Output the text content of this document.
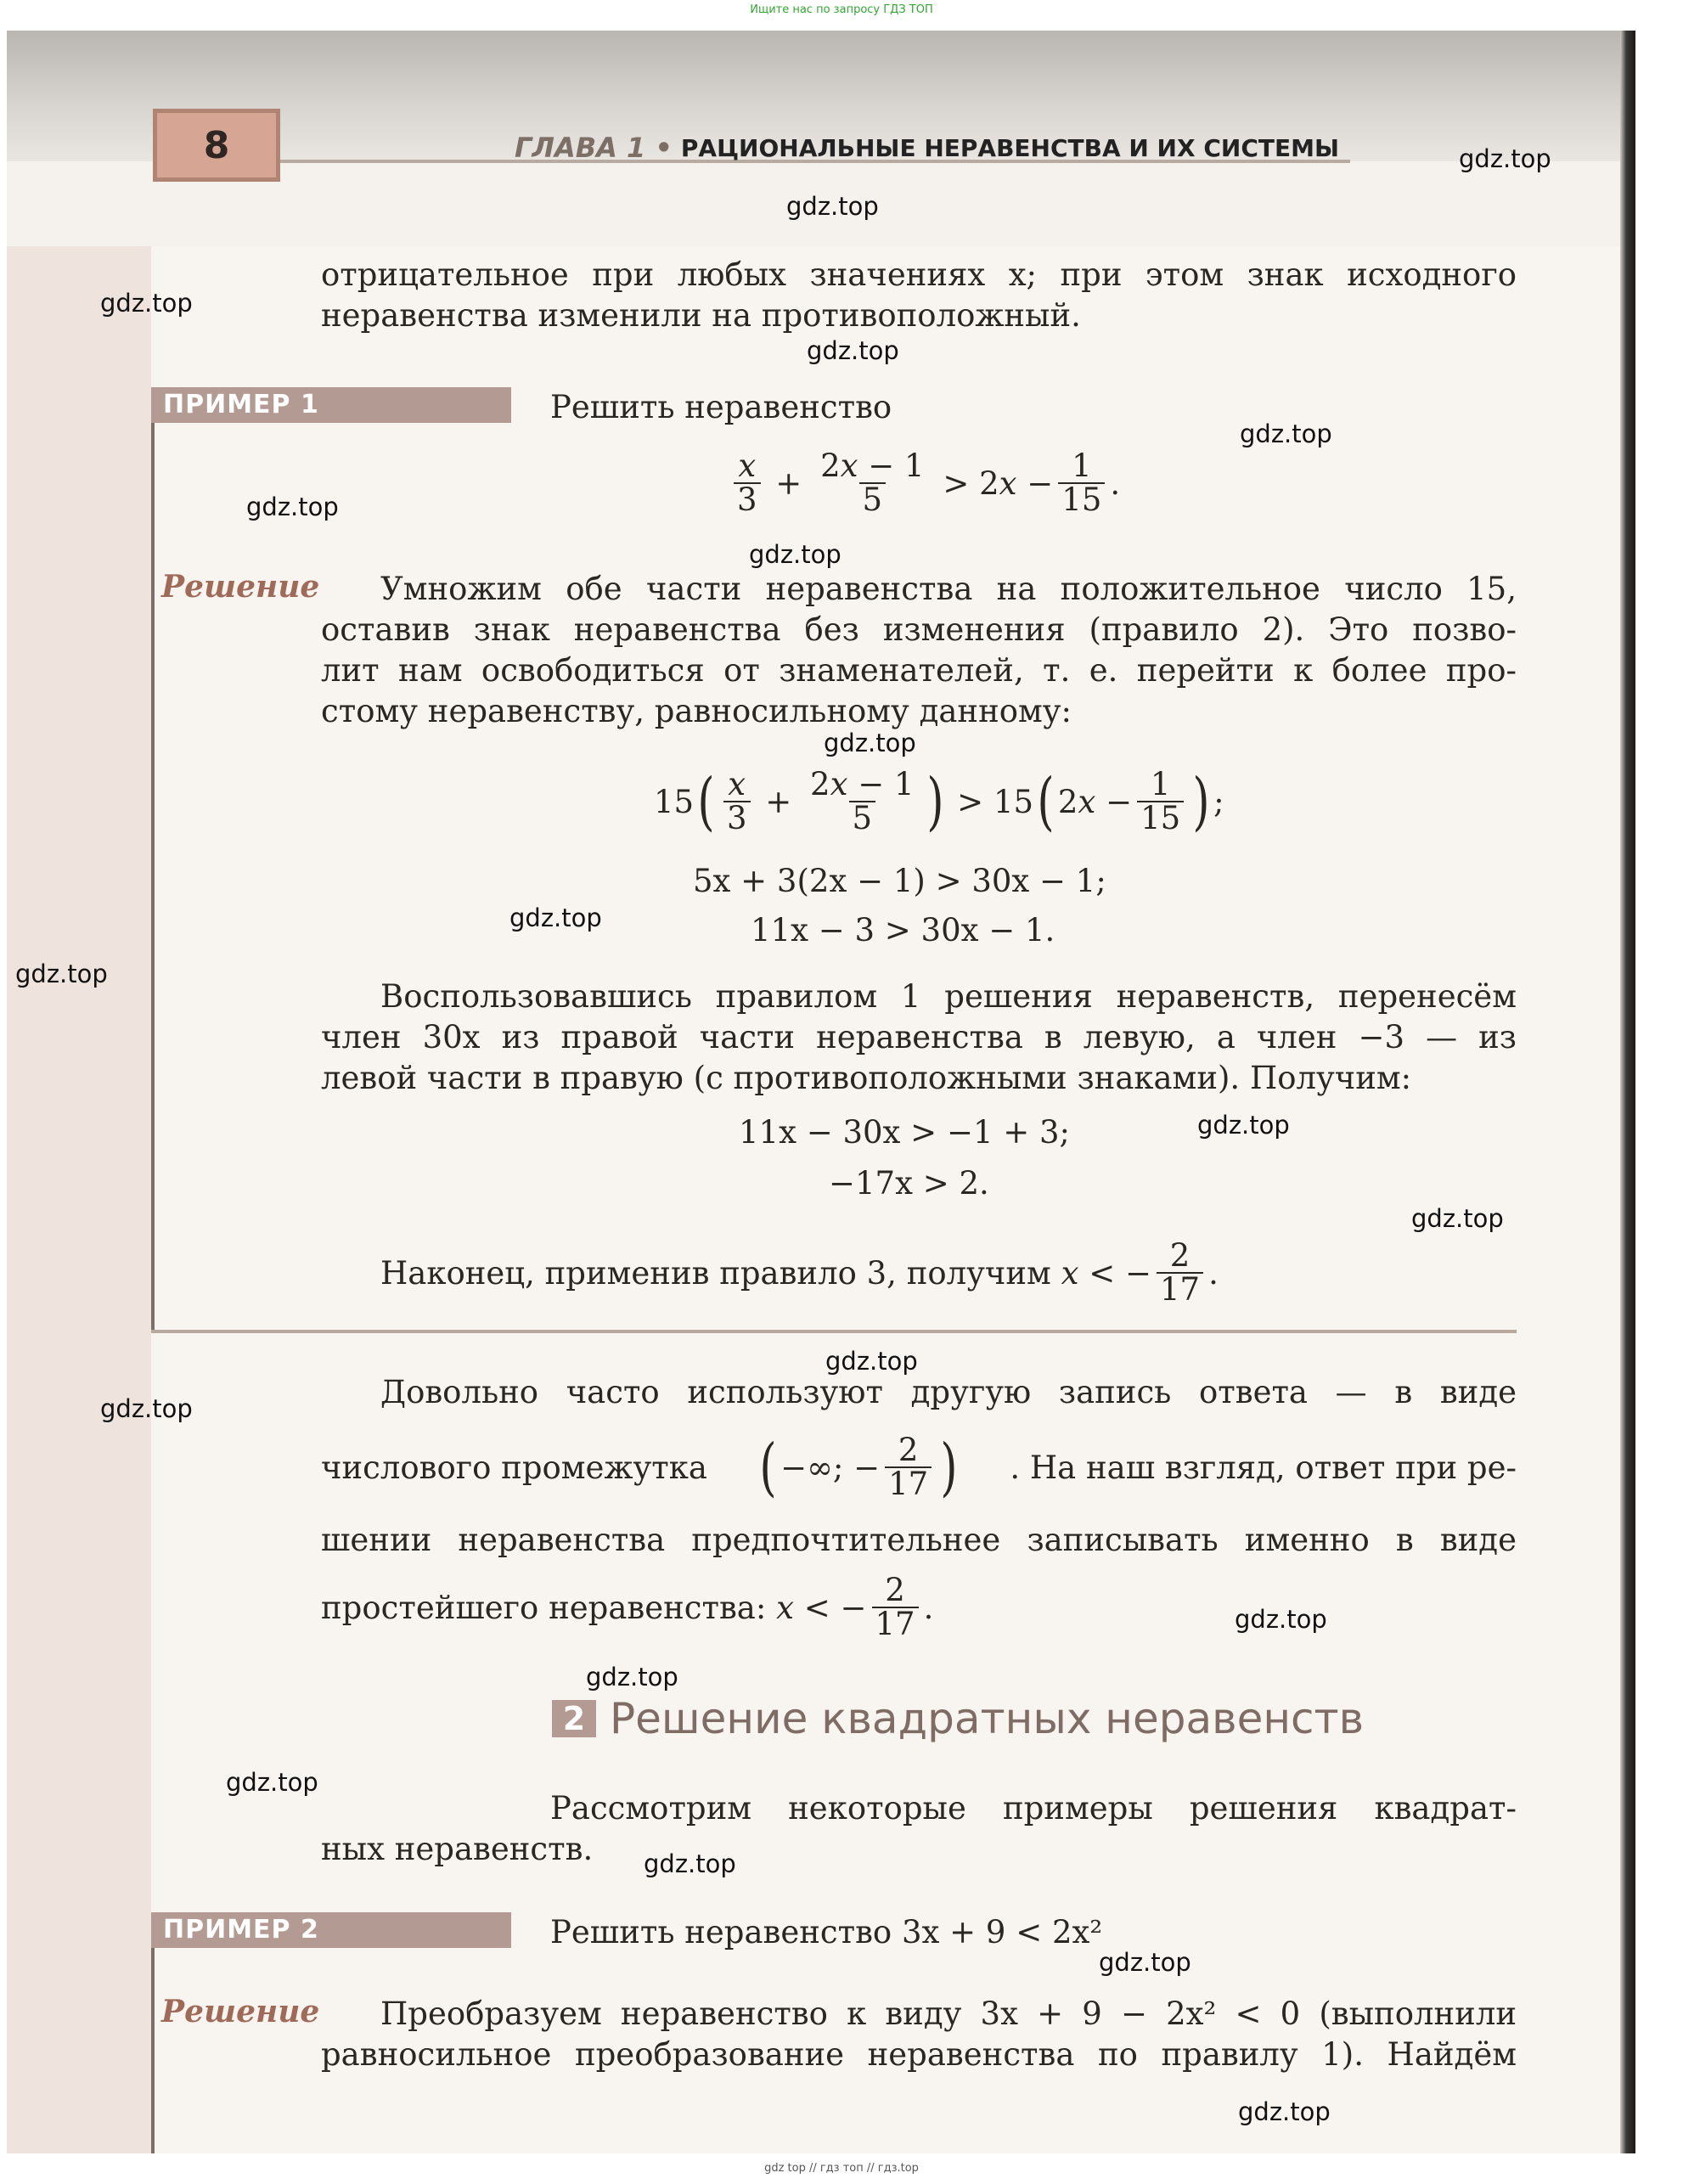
Ищите нас по запросу ГДЗ ТОП
8	ГЛАВА 1 • РАЦИОНАЛЬНЫЕ НЕРАВЕНСТВА И ИХ СИСТЕМЫ
отрицательное при любых значениях x; при этом знак исходного
неравенства изменили на противоположный.
ПРИМЕР 1	Решить неравенство
$\frac{x}{3} + \frac{2x - 1}{5} > 2x - \frac{1}{15}$ .
Решение Умножим обе части неравенства на положительное число 15,
оставив знак неравенства без изменения (правило 2). Это позво-
лит нам освободиться от знаменателей, т. е. перейти к более про-
стому неравенству, равносильному данному:
15 ( $\frac{x}{3} + \frac{2x - 1}{5}$ ) > 15 ( $2x - \frac{1}{15}$ ) ;
5x + 3(2x − 1) > 30x − 1;
11x − 3 > 30x − 1.
Воспользовавшись правилом 1 решения неравенств, перенесём
член 30x из правой части неравенства в левую, а член −3 — из
левой части в правую (с противоположными знаками). Получим:
11x − 30x > −1 + 3;
−17x > 2.
Наконец, применив правило 3, получим x < − $\frac{2}{17}$ .
Довольно часто используют другую запись ответа — в виде
числового промежутка ( −∞; − $\frac{2}{17}$ ) . На наш взгляд, ответ при ре-
шении неравенства предпочтительнее записывать именно в виде
простейшего неравенства: x < − $\frac{2}{17}$ .
2 Решение квадратных неравенств
Рассмотрим некоторые примеры решения квадрат-
ных неравенств.
ПРИМЕР 2	Решить неравенство 3x + 9 < 2x²
Решение Преобразуем неравенство к виду 3x + 9 − 2x² < 0 (выполнили
равносильное преобразование неравенства по правилу 1). Найдём
gdz.top
gdz.top
gdz.top
gdz.top
gdz.top
gdz.top
gdz.top
gdz.top
gdz.top
gdz.top
gdz.top
gdz.top
gdz.top
gdz.top
gdz.top
gdz.top
gdz.top
gdz.top
gdz.top
gdz.top
gdz top // гдз топ // гдз.top
